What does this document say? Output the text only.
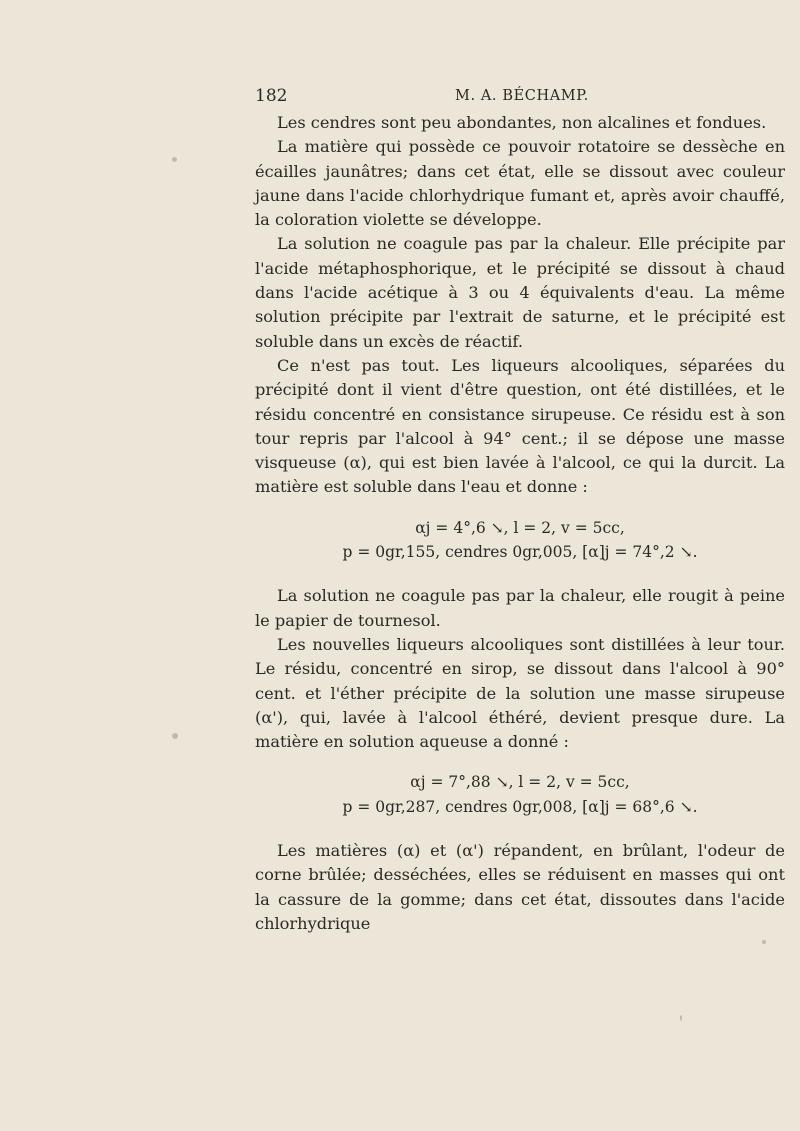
182	M. A. BÉCHAMP.

Les cendres sont peu abondantes, non alcalines et fondues.

La matière qui possède ce pouvoir rotatoire se dessèche en écailles jaunâtres; dans cet état, elle se dissout avec couleur jaune dans l'acide chlorhydrique fumant et, après avoir chauffé, la coloration violette se développe.

La solution ne coagule pas par la chaleur. Elle précipite par l'acide métaphosphorique, et le précipité se dissout à chaud dans l'acide acétique à 3 ou 4 équivalents d'eau. La même solution précipite par l'extrait de saturne, et le précipité est soluble dans un excès de réactif.

Ce n'est pas tout. Les liqueurs alcooliques, séparées du précipité dont il vient d'être question, ont été distillées, et le résidu concentré en consistance sirupeuse. Ce résidu est à son tour repris par l'alcool à 94° cent.; il se dépose une masse visqueuse (α), qui est bien lavée à l'alcool, ce qui la durcit. La matière est soluble dans l'eau et donne :

αj = 4°,6 ↘, l = 2, v = 5cc,
p = 0gr,155, cendres 0gr,005, [α]j = 74°,2 ↘.

La solution ne coagule pas par la chaleur, elle rougit à peine le papier de tournesol.

Les nouvelles liqueurs alcooliques sont distillées à leur tour. Le résidu, concentré en sirop, se dissout dans l'alcool à 90° cent. et l'éther précipite de la solution une masse sirupeuse (α'), qui, lavée à l'alcool éthéré, devient presque dure. La matière en solution aqueuse a donné :

αj = 7°,88 ↘, l = 2, v = 5cc,
p = 0gr,287, cendres 0gr,008, [α]j = 68°,6 ↘.

Les matières (α) et (α') répandent, en brûlant, l'odeur de corne brûlée; desséchées, elles se réduisent en masses qui ont la cassure de la gomme; dans cet état, dissoutes dans l'acide chlorhydrique
